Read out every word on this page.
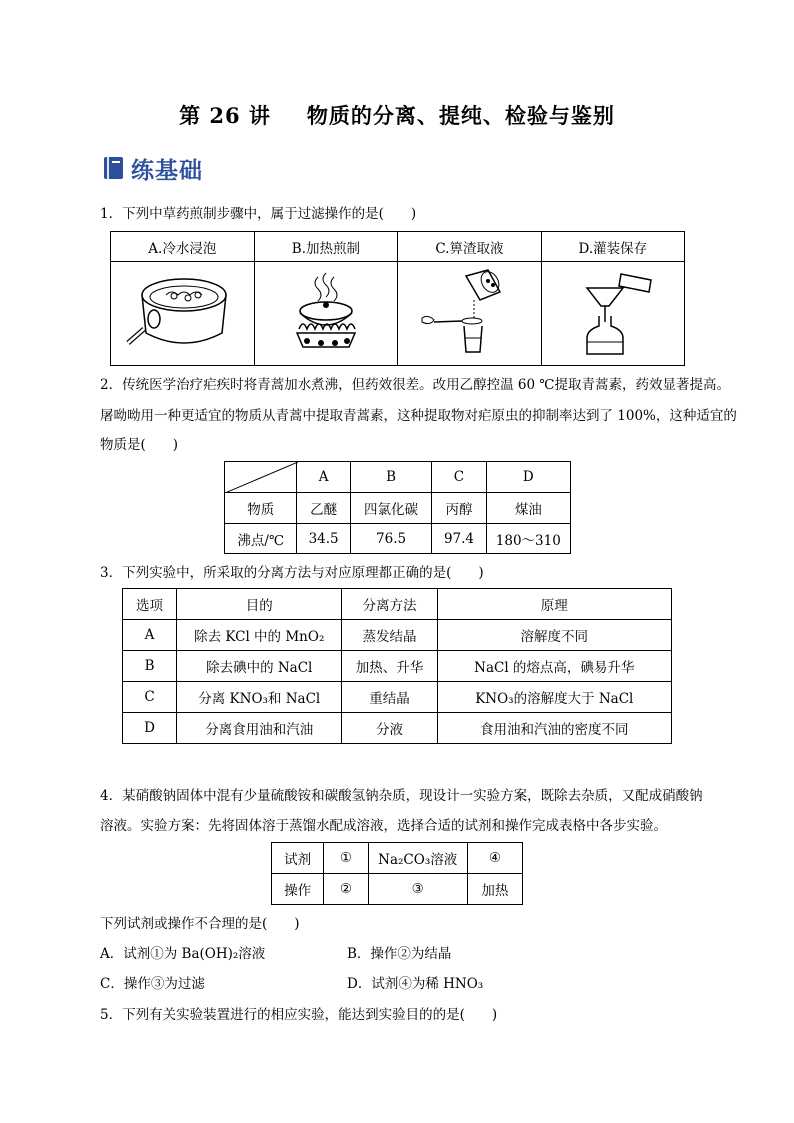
第 26 讲 物质的分离、提纯、检验与鉴别
练基础
1．下列中草药煎制步骤中，属于过滤操作的是(　　)
A.冷水浸泡	B.加热煎制	C.箅渣取液	D.灌装保存

2．传统医学治疗疟疾时将青蒿加水煮沸，但药效很差。改用乙醇控温 60 ℃提取青蒿素，药效显著提高。
屠呦呦用一种更适宜的物质从青蒿中提取青蒿素，这种提取物对疟原虫的抑制率达到了 100%，这种适宜的
物质是(　　)
	A	B	C	D
物质	乙醚	四氯化碳	丙醇	煤油
沸点/℃	34.5	76.5	97.4	180～310
3．下列实验中，所采取的分离方法与对应原理都正确的是(　　)
选项	目的	分离方法	原理
A	除去 KCl 中的 MnO₂	蒸发结晶	溶解度不同
B	除去碘中的 NaCl	加热、升华	NaCl 的熔点高，碘易升华
C	分离 KNO₃和 NaCl	重结晶	KNO₃的溶解度大于 NaCl
D	分离食用油和汽油	分液	食用油和汽油的密度不同
4．某硝酸钠固体中混有少量硫酸铵和碳酸氢钠杂质，现设计一实验方案，既除去杂质，又配成硝酸钠
溶液。实验方案：先将固体溶于蒸馏水配成溶液，选择合适的试剂和操作完成表格中各步实验。
试剂	①	Na₂CO₃溶液	④
操作	②	③	加热
下列试剂或操作不合理的是(　　)
A．试剂①为 Ba(OH)₂溶液	B．操作②为结晶
C．操作③为过滤	D．试剂④为稀 HNO₃
5．下列有关实验装置进行的相应实验，能达到实验目的的是(　　)
